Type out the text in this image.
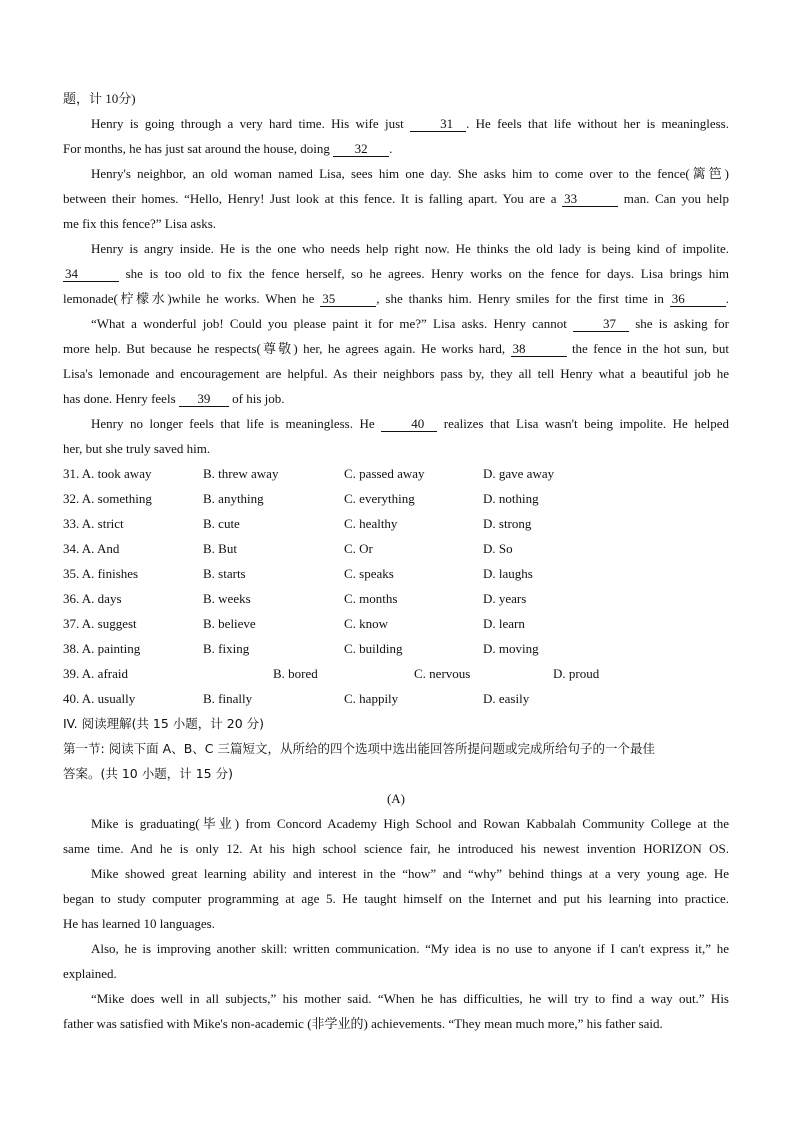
题，计 10分)
Henry is going through a very hard time. His wife just	31 . He feels that life without her is meaningless.
For months, he has just sat around the house, doing 32 .
Henry's neighbor, an old woman named Lisa, sees him one day. She asks him to come over to the fence(篱笆)
between their homes. “Hello, Henry! Just look at this fence. It is falling apart. You are a 33	man. Can you help
me fix this fence?” Lisa asks.
Henry is angry inside. He is the one who needs help right now. He thinks the old lady is being kind of impolite.
34	she is too old to fix the fence herself, so he agrees. Henry works on the fence for days. Lisa brings him
lemonade(柠檬水)while he works. When he 35	, she thanks him. Henry smiles for the first time in 36	.
“What a wonderful job! Could you please paint it for me?” Lisa asks. Henry cannot	37 she is asking for
more help. But because he respects(尊敬) her, he agrees again. He works hard, 38	the fence in the hot sun, but
Lisa's lemonade and encouragement are helpful. As their neighbors pass by, they all tell Henry what a beautiful job he
has done. Henry feels 39 of his job.
Henry no longer feels that life is meaningless. He	40 realizes that Lisa wasn't being impolite. He helped
her, but she truly saved him.
31. A. took away	B. threw away	C. passed away	D. gave away
32. A. something	B. anything	C. everything	D. nothing
33. A. strict	B. cute	C. healthy	D. strong
34. A. And	B. But	C. Or	D. So
35. A. finishes	B. starts	C. speaks	D. laughs
36. A. days	B. weeks	C. months	D. years
37. A. suggest	B. believe	C. know	D. learn
38. A. painting	B. fixing	C. building	D. moving
39. A. afraid	B. bored	C. nervous	D. proud
40. A. usually	B. finally	C. happily	D. easily
IV. 阅读理解(共 15 小题，计 20 分)
第一节: 阅读下面 A、B、C 三篇短文，从所给的四个选项中选出能回答所提问题或完成所给句子的一个最佳
答案。(共 10 小题，计 15 分)
(A)
Mike is graduating(毕业) from Concord Academy High School and Rowan Kabbalah Community College at the
same time. And he is only 12. At his high school science fair, he introduced his newest invention HORIZON OS.
Mike showed great learning ability and interest in the “how” and “why” behind things at a very young age. He
began to study computer programming at age 5. He taught himself on the Internet and put his learning into practice.
He has learned 10 languages.
Also, he is improving another skill: written communication. “My idea is no use to anyone if I can't express it,” he
explained.
“Mike does well in all subjects,” his mother said. “When he has difficulties, he will try to find a way out.” His
father was satisfied with Mike's non-academic (非学业的) achievements. “They mean much more,” his father said.
